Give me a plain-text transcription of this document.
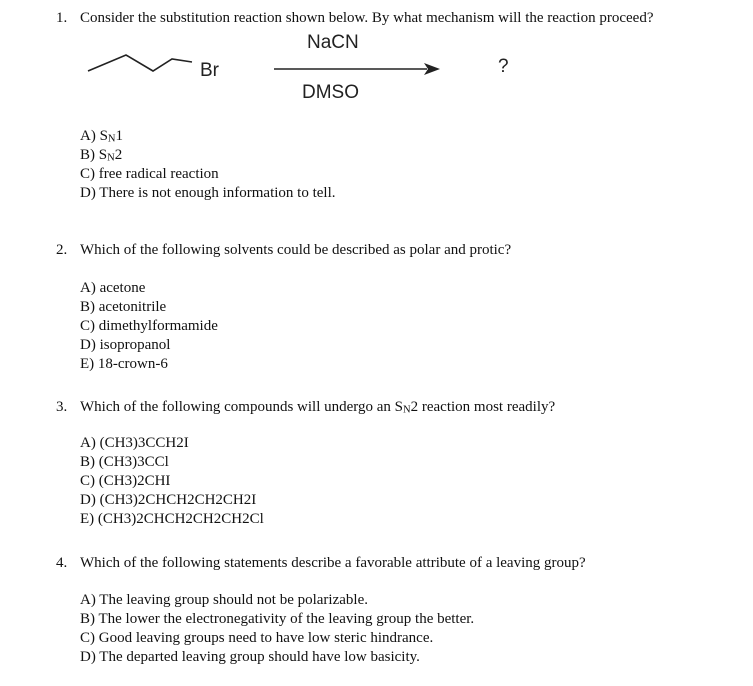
1. Consider the substitution reaction shown below. By what mechanism will the reaction proceed?
Br
NaCN
DMSO
?
A) SN1
B) SN2
C) free radical reaction
D) There is not enough information to tell.
2. Which of the following solvents could be described as polar and protic?
A) acetone
B) acetonitrile
C) dimethylformamide
D) isopropanol
E) 18-crown-6
3. Which of the following compounds will undergo an SN2 reaction most readily?
A) (CH3)3CCH2I
B) (CH3)3CCl
C) (CH3)2CHI
D) (CH3)2CHCH2CH2CH2I
E) (CH3)2CHCH2CH2CH2Cl
4. Which of the following statements describe a favorable attribute of a leaving group?
A) The leaving group should not be polarizable.
B) The lower the electronegativity of the leaving group the better.
C) Good leaving groups need to have low steric hindrance.
D) The departed leaving group should have low basicity.
